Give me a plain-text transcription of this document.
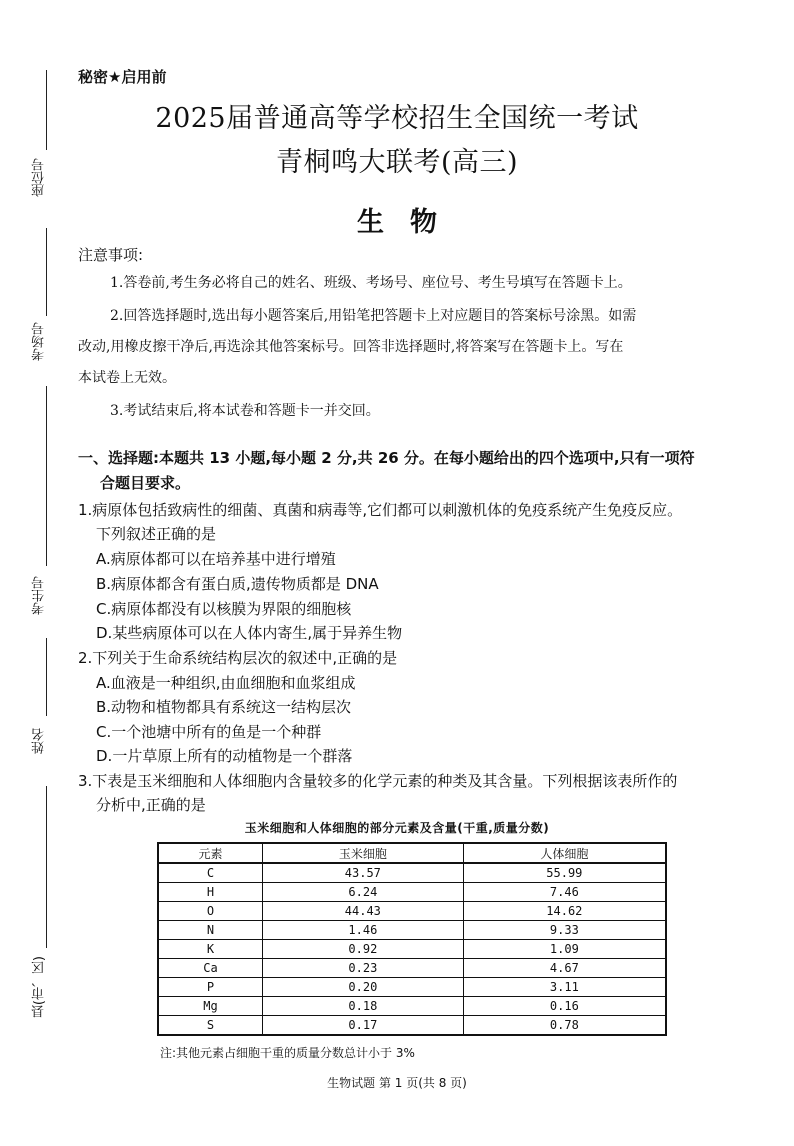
座位号
考场号
考生号
姓名
县(市、区)
秘密★启用前
2025届普通高等学校招生全国统一考试
青桐鸣大联考(高三)
生物
注意事项:
1.答卷前,考生务必将自己的姓名、班级、考场号、座位号、考生号填写在答题卡上。
2.回答选择题时,选出每小题答案后,用铅笔把答题卡上对应题目的答案标号涂黑。如需
改动,用橡皮擦干净后,再选涂其他答案标号。回答非选择题时,将答案写在答题卡上。写在
本试卷上无效。
3.考试结束后,将本试卷和答题卡一并交回。
一、选择题:本题共 13 小题,每小题 2 分,共 26 分。在每小题给出的四个选项中,只有一项符
合题目要求。
1.病原体包括致病性的细菌、真菌和病毒等,它们都可以刺激机体的免疫系统产生免疫反应。
下列叙述正确的是
A.病原体都可以在培养基中进行增殖
B.病原体都含有蛋白质,遗传物质都是 DNA
C.病原体都没有以核膜为界限的细胞核
D.某些病原体可以在人体内寄生,属于异养生物
2.下列关于生命系统结构层次的叙述中,正确的是
A.血液是一种组织,由血细胞和血浆组成
B.动物和植物都具有系统这一结构层次
C.一个池塘中所有的鱼是一个种群
D.一片草原上所有的动植物是一个群落
3.下表是玉米细胞和人体细胞内含量较多的化学元素的种类及其含量。下列根据该表所作的
分析中,正确的是
玉米细胞和人体细胞的部分元素及含量(干重,质量分数)
元素	玉米细胞	人体细胞
C	43.57	55.99
H	6.24	7.46
O	44.43	14.62
N	1.46	9.33
K	0.92	1.09
Ca	0.23	4.67
P	0.20	3.11
Mg	0.18	0.16
S	0.17	0.78
注:其他元素占细胞干重的质量分数总计小于 3%
生物试题 第 1 页(共 8 页)
